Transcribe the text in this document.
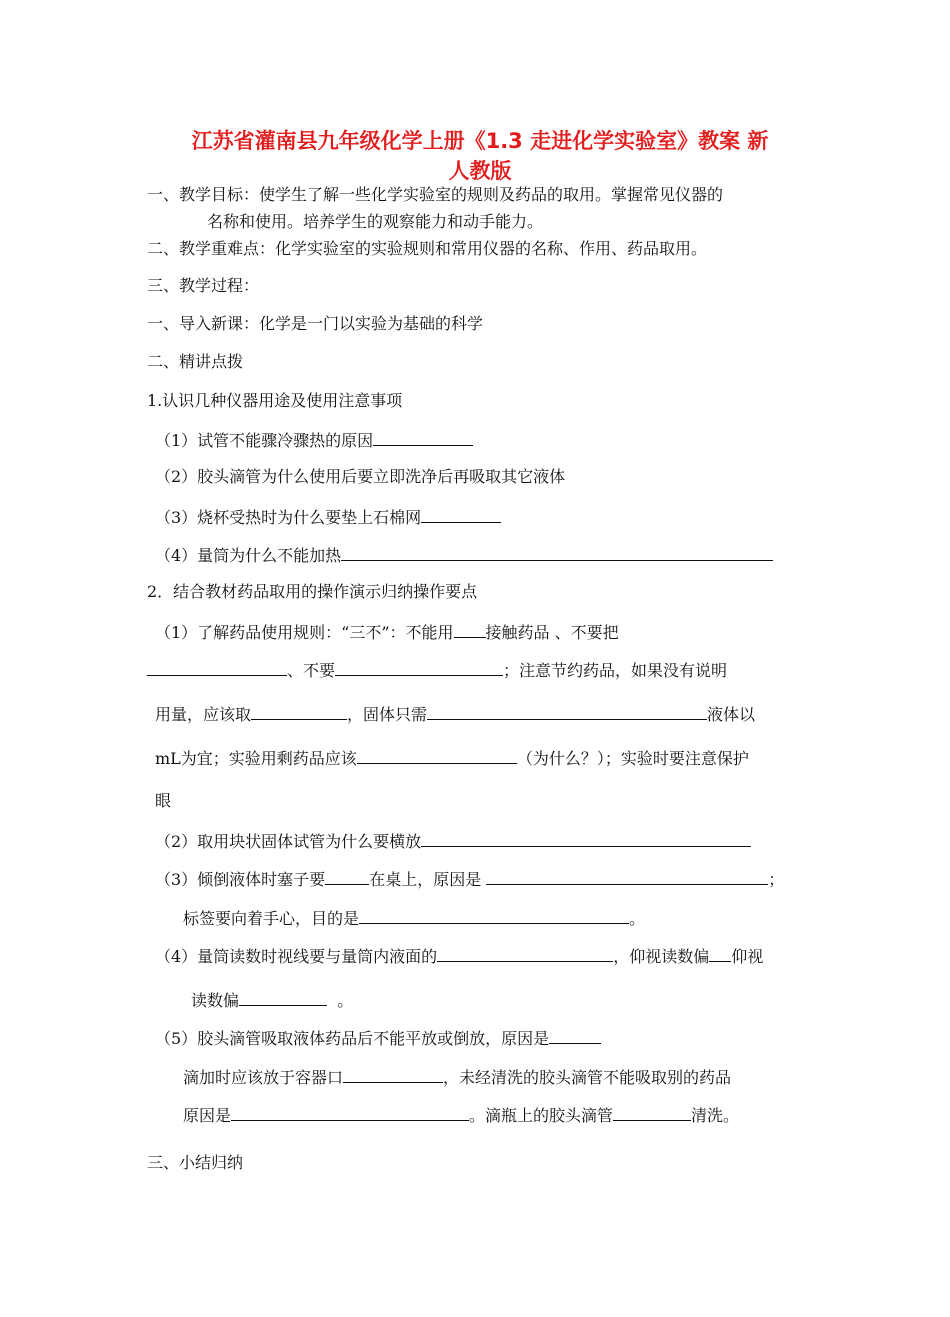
江苏省灌南县九年级化学上册《1.3 走进化学实验室》教案 新
人教版
一、教学目标：使学生了解一些化学实验室的规则及药品的取用。掌握常见仪器的
名称和使用。培养学生的观察能力和动手能力。
二、教学重难点：化学实验室的实验规则和常用仪器的名称、作用、药品取用。
三、教学过程：
一、导入新课：化学是一门以实验为基础的科学
二、精讲点拨
1.认识几种仪器用途及使用注意事项
（1）试管不能骤冷骤热的原因
（2）胶头滴管为什么使用后要立即洗净后再吸取其它液体
（3）烧杯受热时为什么要垫上石棉网
（4）量筒为什么不能加热
2．结合教材药品取用的操作演示归纳操作要点
（1）了解药品使用规则：“三不”：不能用 接触药品 、不要把
、不要	；注意节约药品，如果没有说明
用量，应该取	，固体只需	液体以
mL为宜；实验用剩药品应该	（为什么？）；实验时要注意保护
眼
（2）取用块状固体试管为什么要横放
（3）倾倒液体时塞子要	在桌上，原因是	；
标签要向着手心，目的是	。
（4）量筒读数时视线要与量筒内液面的	，仰视读数偏 仰视
读数偏	。
（5）胶头滴管吸取液体药品后不能平放或倒放，原因是
滴加时应该放于容器口	，未经清洗的胶头滴管不能吸取别的药品
原因是	。滴瓶上的胶头滴管	清洗。
三、小结归纳
